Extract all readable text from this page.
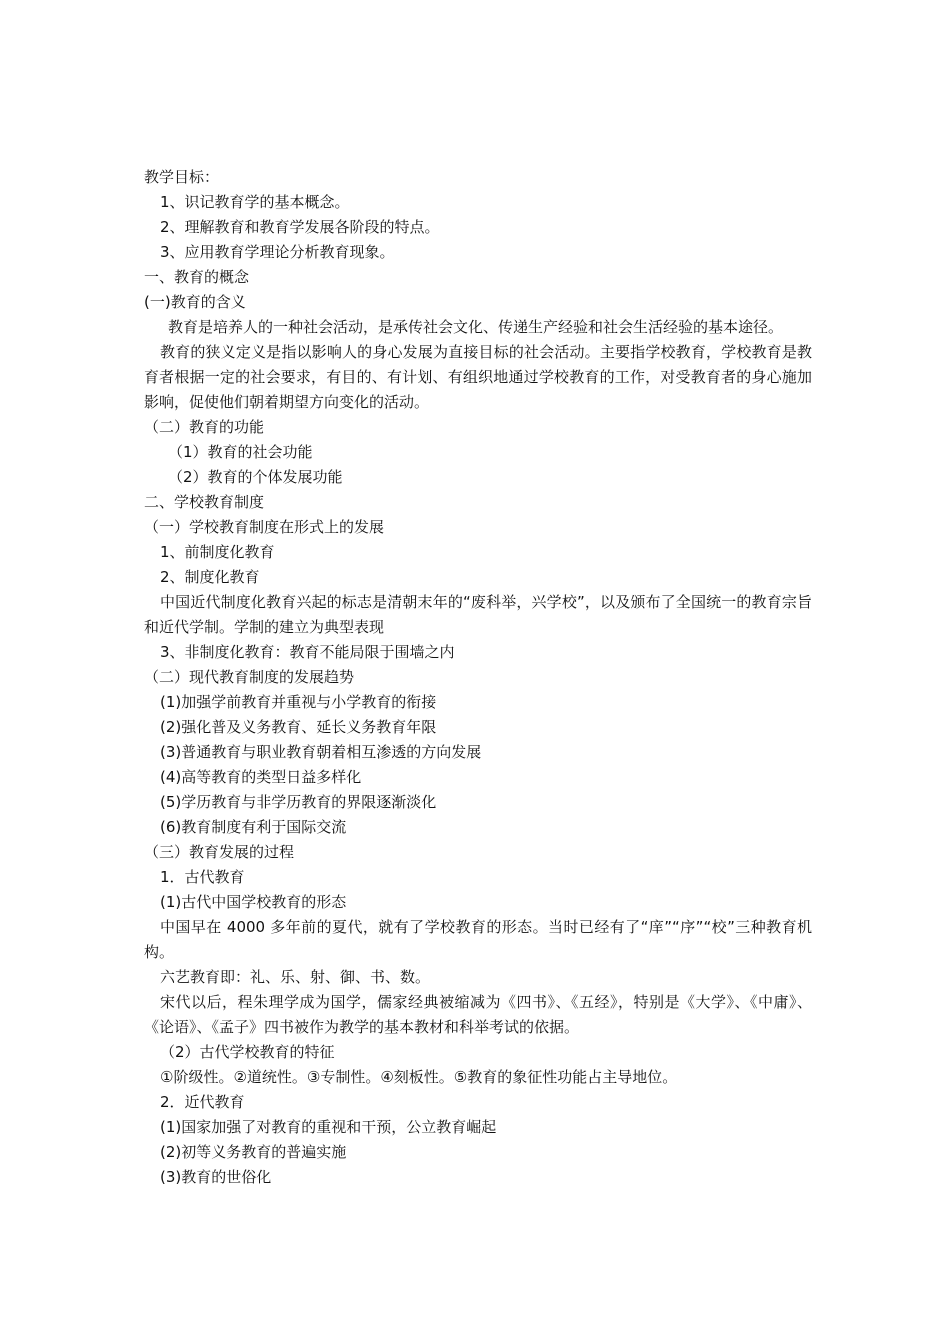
教学目标：
1、识记教育学的基本概念。
2、理解教育和教育学发展各阶段的特点。
3、应用教育学理论分析教育现象。
一、教育的概念
(一)教育的含义
教育是培养人的一种社会活动，是承传社会文化、传递生产经验和社会生活经验的基本途径。
教育的狭义定义是指以影响人的身心发展为直接目标的社会活动。主要指学校教育，学校教育是教育者根据一定的社会要求，有目的、有计划、有组织地通过学校教育的工作，对受教育者的身心施加影响，促使他们朝着期望方向变化的活动。
（二）教育的功能
（1）教育的社会功能
（2）教育的个体发展功能
二、学校教育制度
（一）学校教育制度在形式上的发展
1、前制度化教育
2、制度化教育
中国近代制度化教育兴起的标志是清朝末年的“废科举，兴学校”，以及颁布了全国统一的教育宗旨和近代学制。学制的建立为典型表现
3、非制度化教育：教育不能局限于围墙之内
（二）现代教育制度的发展趋势
(1)加强学前教育并重视与小学教育的衔接
(2)强化普及义务教育、延长义务教育年限
(3)普通教育与职业教育朝着相互渗透的方向发展
(4)高等教育的类型日益多样化
(5)学历教育与非学历教育的界限逐渐淡化
(6)教育制度有利于国际交流
（三）教育发展的过程
1．古代教育
(1)古代中国学校教育的形态
中国早在 4000 多年前的夏代，就有了学校教育的形态。当时已经有了“庠”“序”“校”三种教育机构。
六艺教育即：礼、乐、射、御、书、数。
宋代以后，程朱理学成为国学，儒家经典被缩减为《四书》、《五经》，特别是《大学》、《中庸》、《论语》、《孟子》四书被作为教学的基本教材和科举考试的依据。
（2）古代学校教育的特征
①阶级性。②道统性。③专制性。④刻板性。⑤教育的象征性功能占主导地位。
2．近代教育
(1)国家加强了对教育的重视和干预，公立教育崛起
(2)初等义务教育的普遍实施
(3)教育的世俗化
